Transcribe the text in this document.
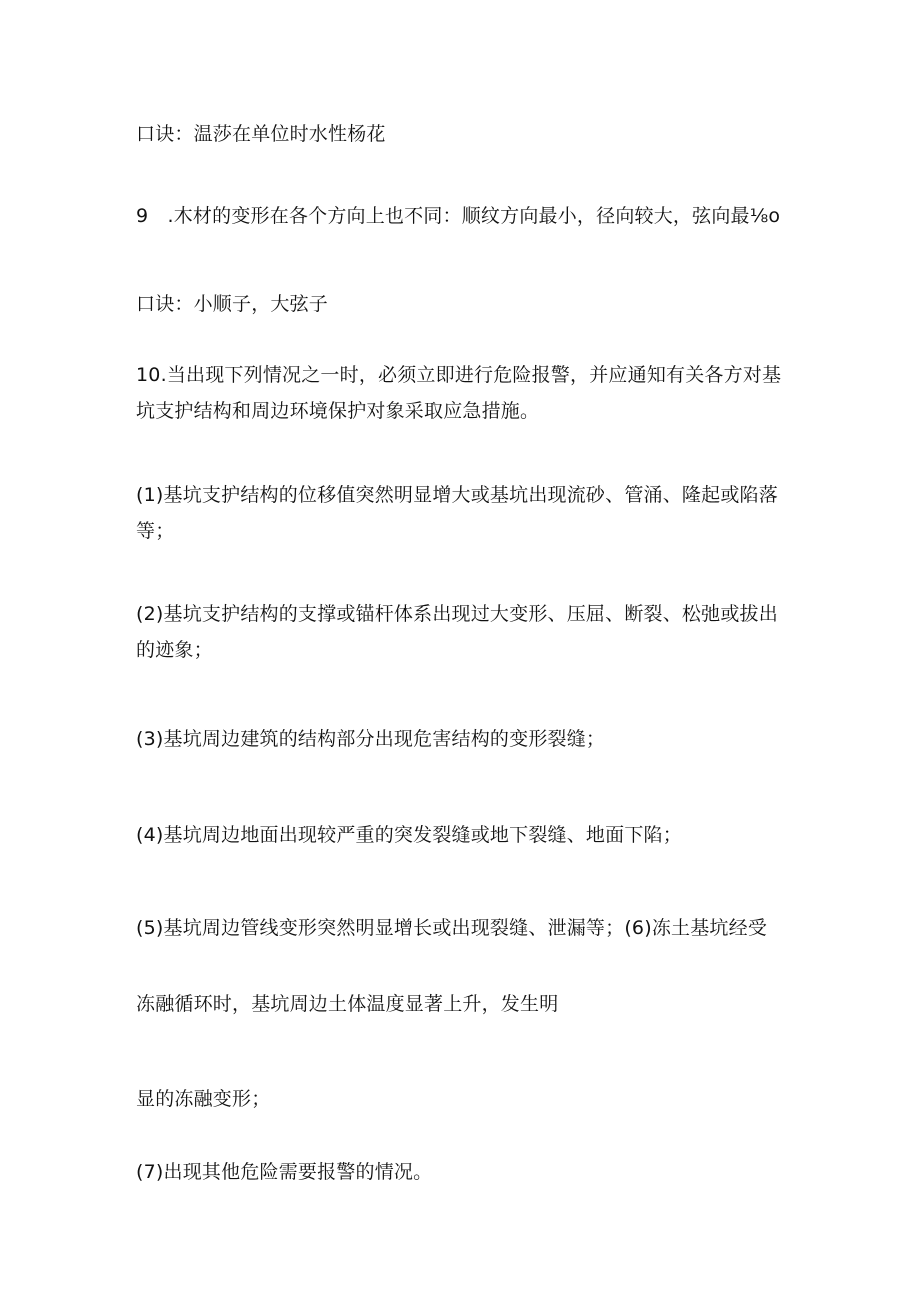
口诀：温莎在单位时水性杨花
9　.木材的变形在各个方向上也不同：顺纹方向最小，径向较大，弦向最⅛o
口诀：小顺子，大弦子
10.当出现下列情况之一时，必须立即进行危险报警，并应通知有关各方对基坑支护结构和周边环境保护对象采取应急措施。
(1)基坑支护结构的位移值突然明显增大或基坑出现流砂、管涌、隆起或陷落等；
(2)基坑支护结构的支撑或锚杆体系出现过大变形、压屈、断裂、松弛或拔出的迹象；
(3)基坑周边建筑的结构部分出现危害结构的变形裂缝；
(4)基坑周边地面出现较严重的突发裂缝或地下裂缝、地面下陷；
(5)基坑周边管线变形突然明显增长或出现裂缝、泄漏等；(6)冻土基坑经受
冻融循环时，基坑周边土体温度显著上升，发生明
显的冻融变形；
(7)出现其他危险需要报警的情况。
